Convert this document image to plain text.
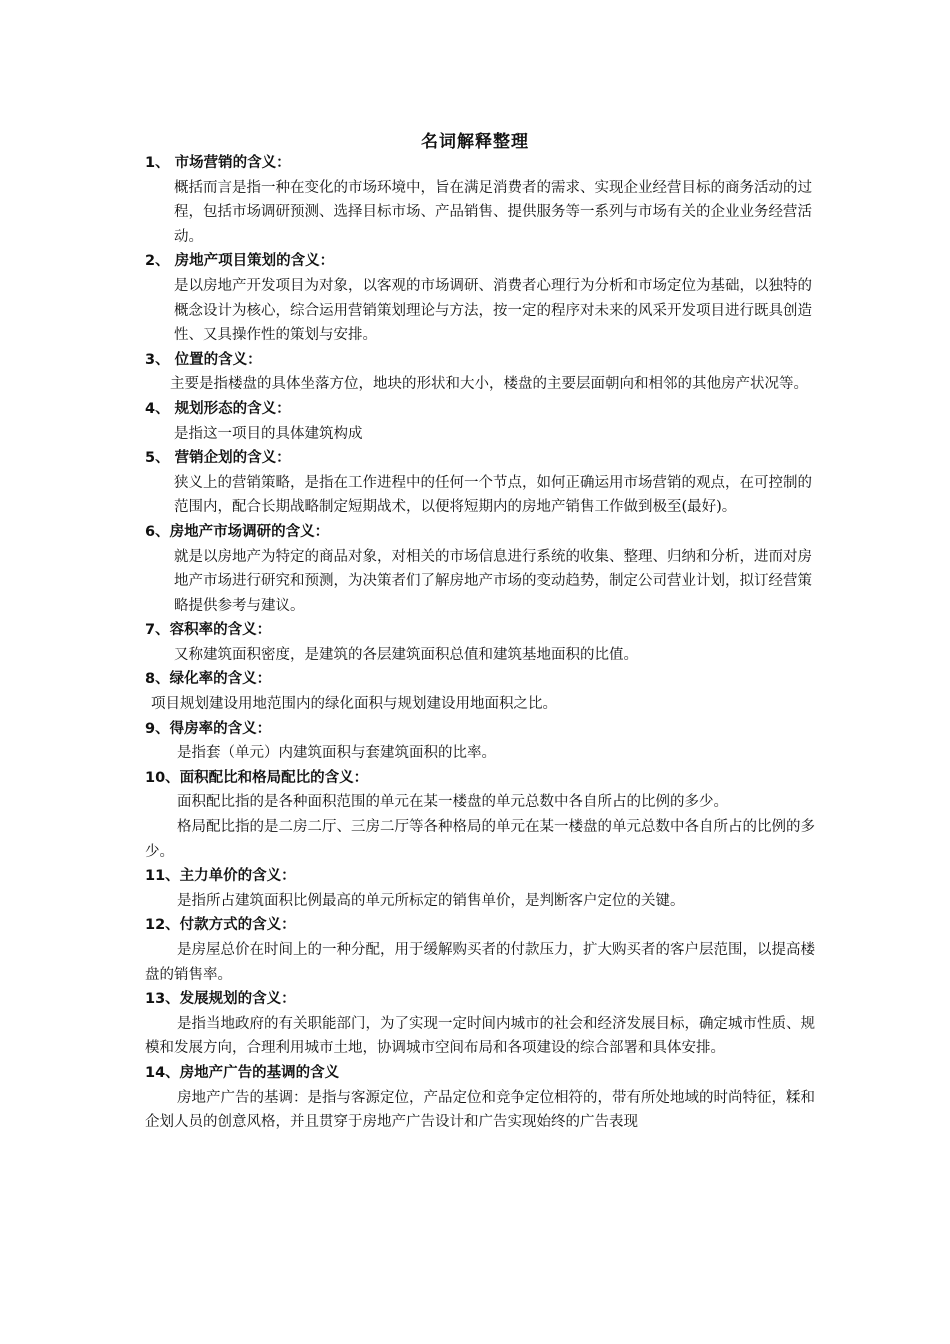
名词解释整理
1、 市场营销的含义：
概括而言是指一种在变化的市场环境中，旨在满足消费者的需求、实现企业经营目标的商务活动的过程，包括市场调研预测、选择目标市场、产品销售、提供服务等一系列与市场有关的企业业务经营活动。
2、 房地产项目策划的含义：
是以房地产开发项目为对象，以客观的市场调研、消费者心理行为分析和市场定位为基础，以独特的概念设计为核心，综合运用营销策划理论与方法，按一定的程序对未来的风采开发项目进行既具创造性、又具操作性的策划与安排。
3、 位置的含义：
主要是指楼盘的具体坐落方位，地块的形状和大小，楼盘的主要层面朝向和相邻的其他房产状况等。
4、 规划形态的含义：
是指这一项目的具体建筑构成
5、 营销企划的含义：
狭义上的营销策略，是指在工作进程中的任何一个节点，如何正确运用市场营销的观点，在可控制的范围内，配合长期战略制定短期战术，以便将短期内的房地产销售工作做到极至(最好)。
6、房地产市场调研的含义：
就是以房地产为特定的商品对象，对相关的市场信息进行系统的收集、整理、归纳和分析，进而对房地产市场进行研究和预测，为决策者们了解房地产市场的变动趋势，制定公司营业计划，拟订经营策略提供参考与建议。
7、容积率的含义：
又称建筑面积密度，是建筑的各层建筑面积总值和建筑基地面积的比值。
8、绿化率的含义：
项目规划建设用地范围内的绿化面积与规划建设用地面积之比。
9、得房率的含义：
是指套（单元）内建筑面积与套建筑面积的比率。
10、面积配比和格局配比的含义：
面积配比指的是各种面积范围的单元在某一楼盘的单元总数中各自所占的比例的多少。
格局配比指的是二房二厅、三房二厅等各种格局的单元在某一楼盘的单元总数中各自所占的比例的多少。
11、主力单价的含义：
是指所占建筑面积比例最高的单元所标定的销售单价，是判断客户定位的关键。
12、付款方式的含义：
是房屋总价在时间上的一种分配，用于缓解购买者的付款压力，扩大购买者的客户层范围，以提高楼盘的销售率。
13、发展规划的含义：
是指当地政府的有关职能部门，为了实现一定时间内城市的社会和经济发展目标，确定城市性质、规模和发展方向，合理利用城市土地，协调城市空间布局和各项建设的综合部署和具体安排。
14、房地产广告的基调的含义
房地产广告的基调：是指与客源定位，产品定位和竞争定位相符的，带有所处地域的时尚特征，糅和企划人员的创意风格，并且贯穿于房地产广告设计和广告实现始终的广告表现
